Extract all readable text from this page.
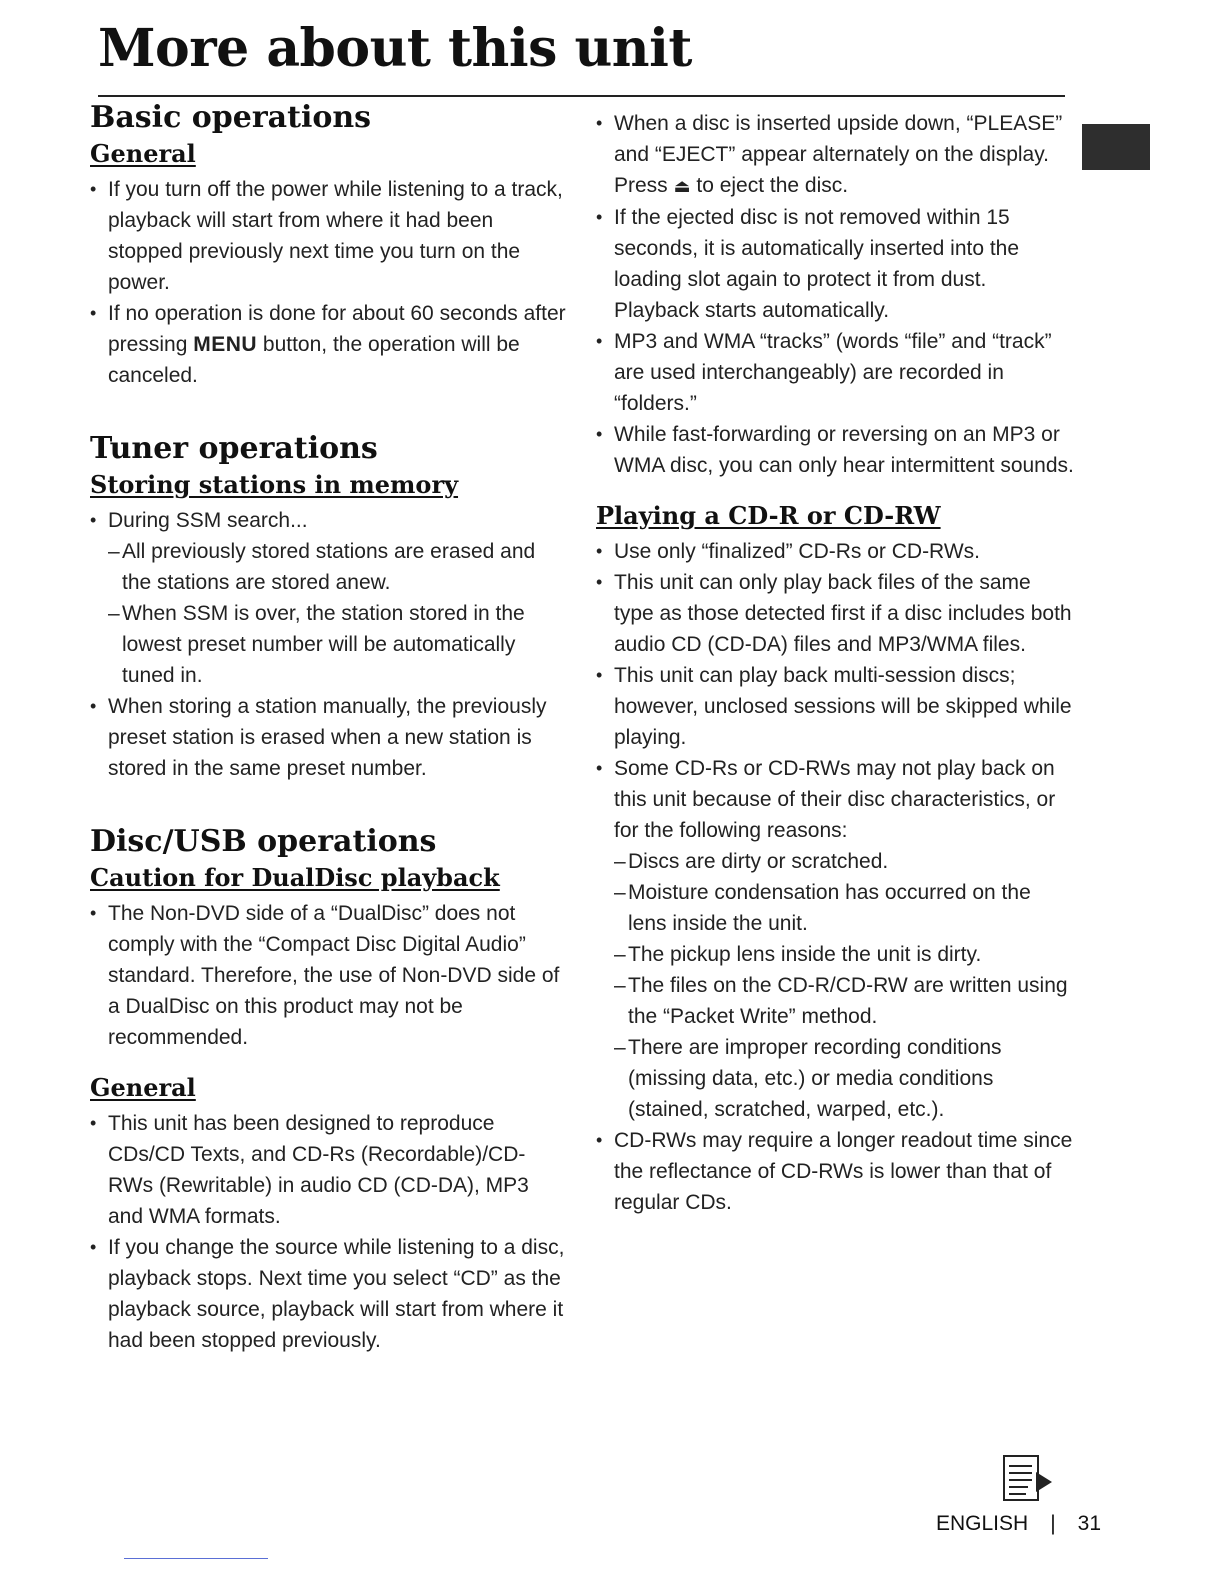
More about this unit
Basic operations
General
• If you turn off the power while listening to a track, playback will start from where it had been stopped previously next time you turn on the power.
• If no operation is done for about 60 seconds after pressing MENU button, the operation will be canceled.
Tuner operations
Storing stations in memory
• During SSM search...
– All previously stored stations are erased and the stations are stored anew.
– When SSM is over, the station stored in the lowest preset number will be automatically tuned in.
• When storing a station manually, the previously preset station is erased when a new station is stored in the same preset number.
Disc/USB operations
Caution for DualDisc playback
• The Non-DVD side of a “DualDisc” does not comply with the “Compact Disc Digital Audio” standard. Therefore, the use of Non-DVD side of a DualDisc on this product may not be recommended.
General
• This unit has been designed to reproduce CDs/CD Texts, and CD-Rs (Recordable)/CD-RWs (Rewritable) in audio CD (CD-DA), MP3 and WMA formats.
• If you change the source while listening to a disc, playback stops. Next time you select “CD” as the playback source, playback will start from where it had been stopped previously.
• When a disc is inserted upside down, “PLEASE” and “EJECT” appear alternately on the display. Press ⏏ to eject the disc.
• If the ejected disc is not removed within 15 seconds, it is automatically inserted into the loading slot again to protect it from dust. Playback starts automatically.
• MP3 and WMA “tracks” (words “file” and “track” are used interchangeably) are recorded in “folders.”
• While fast-forwarding or reversing on an MP3 or WMA disc, you can only hear intermittent sounds.
Playing a CD-R or CD-RW
• Use only “finalized” CD-Rs or CD-RWs.
• This unit can only play back files of the same type as those detected first if a disc includes both audio CD (CD-DA) files and MP3/WMA files.
• This unit can play back multi-session discs; however, unclosed sessions will be skipped while playing.
• Some CD-Rs or CD-RWs may not play back on this unit because of their disc characteristics, or for the following reasons:
– Discs are dirty or scratched.
– Moisture condensation has occurred on the lens inside the unit.
– The pickup lens inside the unit is dirty.
– The files on the CD-R/CD-RW are written using the “Packet Write” method.
– There are improper recording conditions (missing data, etc.) or media conditions (stained, scratched, warped, etc.).
• CD-RWs may require a longer readout time since the reflectance of CD-RWs is lower than that of regular CDs.
ENGLISH | 31
